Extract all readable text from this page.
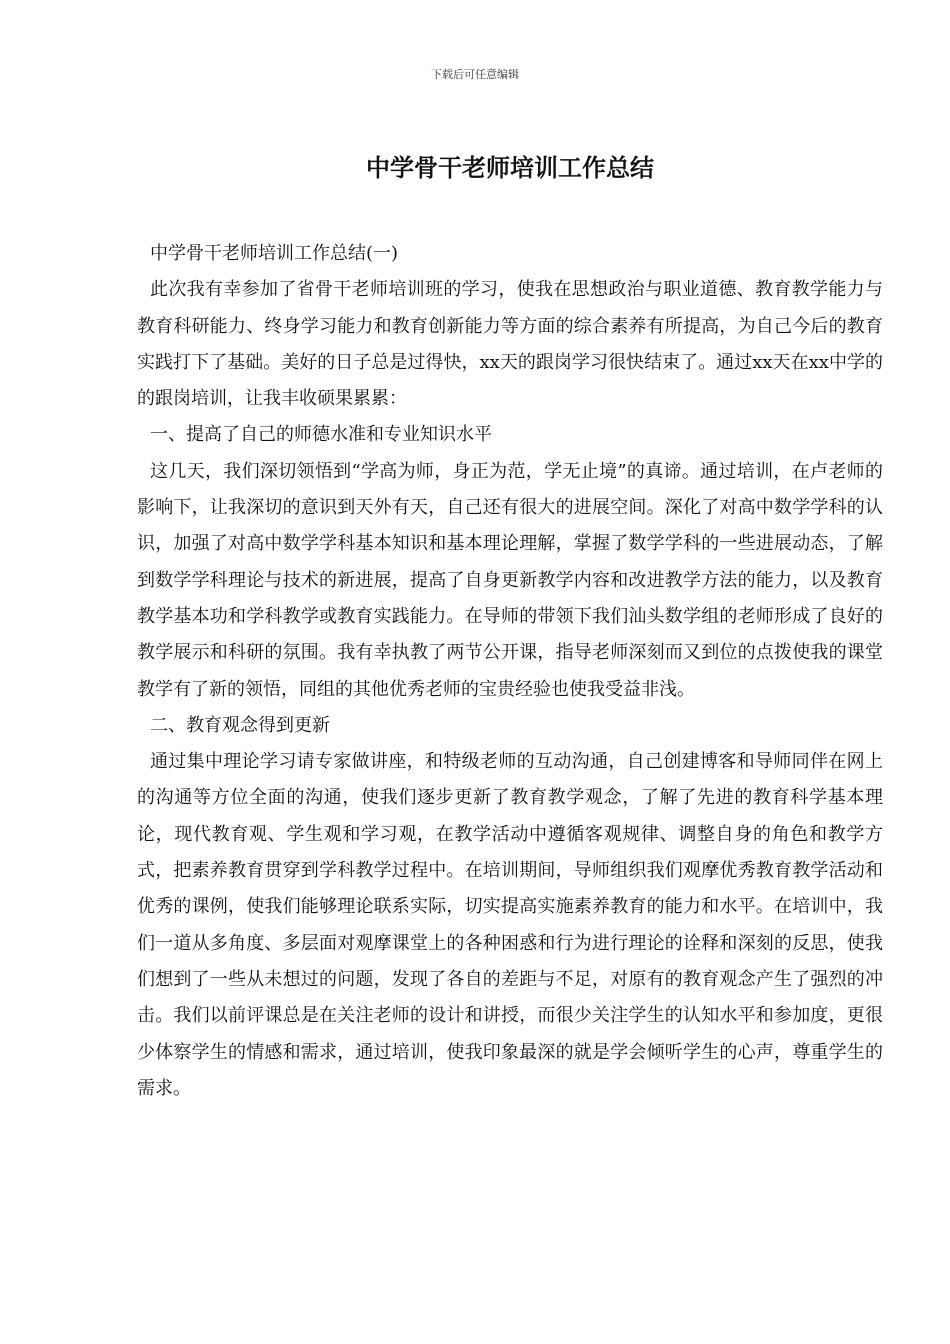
下载后可任意编辑
中学骨干老师培训工作总结

中学骨干老师培训工作总结(一)

此次我有幸参加了省骨干老师培训班的学习，使我在思想政治与职业道德、教育教学能力与教育科研能力、终身学习能力和教育创新能力等方面的综合素养有所提高，为自己今后的教育实践打下了基础。美好的日子总是过得快，xx天的跟岗学习很快结束了。通过xx天在xx中学的的跟岗培训，让我丰收硕果累累：

一、提高了自己的师德水准和专业知识水平

这几天，我们深切领悟到“学高为师，身正为范，学无止境”的真谛。通过培训，在卢老师的影响下，让我深切的意识到天外有天，自己还有很大的进展空间。深化了对高中数学学科的认识，加强了对高中数学学科基本知识和基本理论理解，掌握了数学学科的一些进展动态，了解到数学学科理论与技术的新进展，提高了自身更新教学内容和改进教学方法的能力，以及教育教学基本功和学科教学或教育实践能力。在导师的带领下我们汕头数学组的老师形成了良好的教学展示和科研的氛围。我有幸执教了两节公开课，指导老师深刻而又到位的点拨使我的课堂教学有了新的领悟，同组的其他优秀老师的宝贵经验也使我受益非浅。

二、教育观念得到更新

通过集中理论学习请专家做讲座，和特级老师的互动沟通，自己创建博客和导师同伴在网上的沟通等方位全面的沟通，使我们逐步更新了教育教学观念，了解了先进的教育科学基本理论，现代教育观、学生观和学习观，在教学活动中遵循客观规律、调整自身的角色和教学方式，把素养教育贯穿到学科教学过程中。在培训期间，导师组织我们观摩优秀教育教学活动和优秀的课例，使我们能够理论联系实际，切实提高实施素养教育的能力和水平。在培训中，我们一道从多角度、多层面对观摩课堂上的各种困惑和行为进行理论的诠释和深刻的反思，使我们想到了一些从未想过的问题，发现了各自的差距与不足，对原有的教育观念产生了强烈的冲击。我们以前评课总是在关注老师的设计和讲授，而很少关注学生的认知水平和参加度，更很少体察学生的情感和需求，通过培训，使我印象最深的就是学会倾听学生的心声，尊重学生的需求。
